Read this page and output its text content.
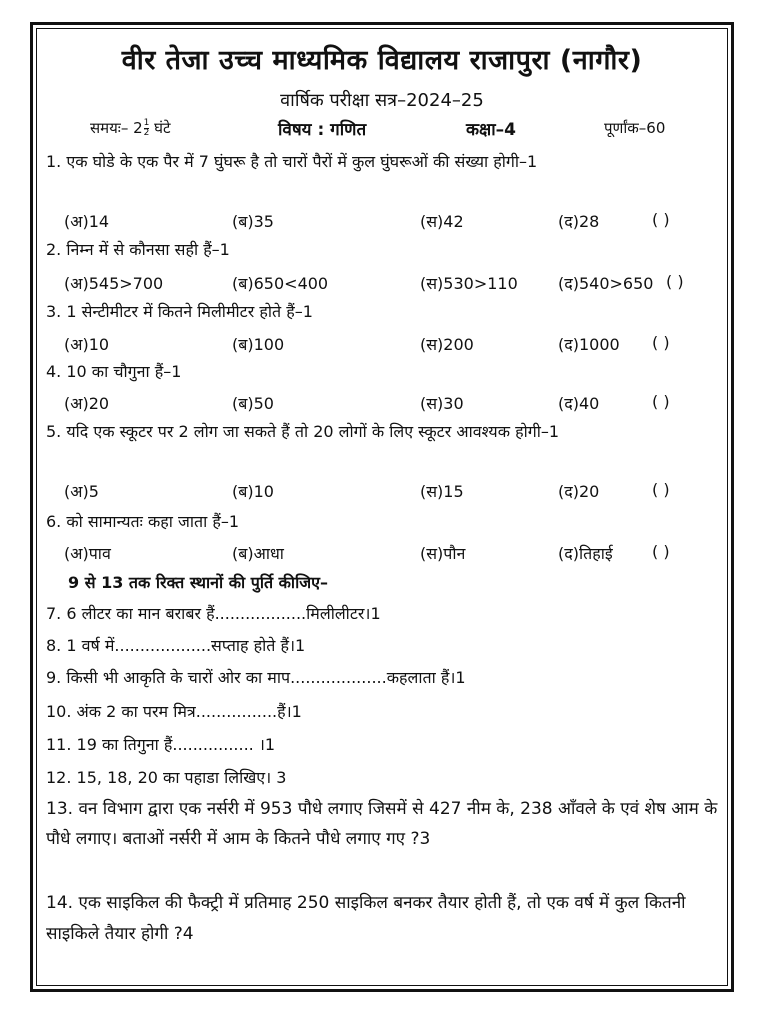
वीर तेजा उच्च माध्यमिक विद्यालय राजापुरा (नागौर)
वार्षिक परीक्षा सत्र–2024–25
समयः– $2 \frac{1}{2}$ घंटे	विषय : गणित	कक्षा–4	पूर्णांक–60
1. एक घोडे के एक पैर में 7 घुंघरू है तो चारों पैरों में कुल घुंघरूओं की संख्या होगी–1
(अ)14	(ब)35	(स)42	(द)28	( )
2. निम्न में से कौनसा सही हैं–1
(अ)545>700	(ब)650<400	(स)530>110	(द)540>650 ( )
3. 1 सेन्टीमीटर में कितने मिलीमीटर होते हैं–1
(अ)10	(ब)100	(स)200	(द)1000 ( )
4. 10 का चौगुना हैं–1
(अ)20	(ब)50	(स)30	(द)40	( )
5. यदि एक स्कूटर पर 2 लोग जा सकते हैं तो 20 लोगों के लिए स्कूटर आवश्यक होगी–1
(अ)5	(ब)10	(स)15	(द)20	( )
6. को सामान्यतः कहा जाता हैं–1
(अ)पाव	(ब)आधा	(स)पौन	(द)तिहाई ( )
9 से 13 तक रिक्त स्थानों की पुर्ति कीजिए–
7. 6 लीटर का मान बराबर हैं..................मिलीलीटर।1
8. 1 वर्ष में...................सप्ताह होते हैं।1
9. किसी भी आकृति के चारों ओर का माप...................कहलाता हैं।1
10. अंक 2 का परम मित्र................हैं।1
11. 19 का तिगुना हैं................ ।1
12. 15, 18, 20 का पहाडा लिखिए। 3
13. वन विभाग द्वारा एक नर्सरी में 953 पौधे लगाए जिसमें से 427 नीम के, 238 आँवले के एवं शेष आम के पौधे लगाए। बताओं नर्सरी में आम के कितने पौधे लगाए गए ?3
14. एक साइकिल की फैक्ट्री में प्रतिमाह 250 साइकिल बनकर तैयार होती हैं, तो एक वर्ष में कुल कितनी साइकिले तैयार होगी ?4
